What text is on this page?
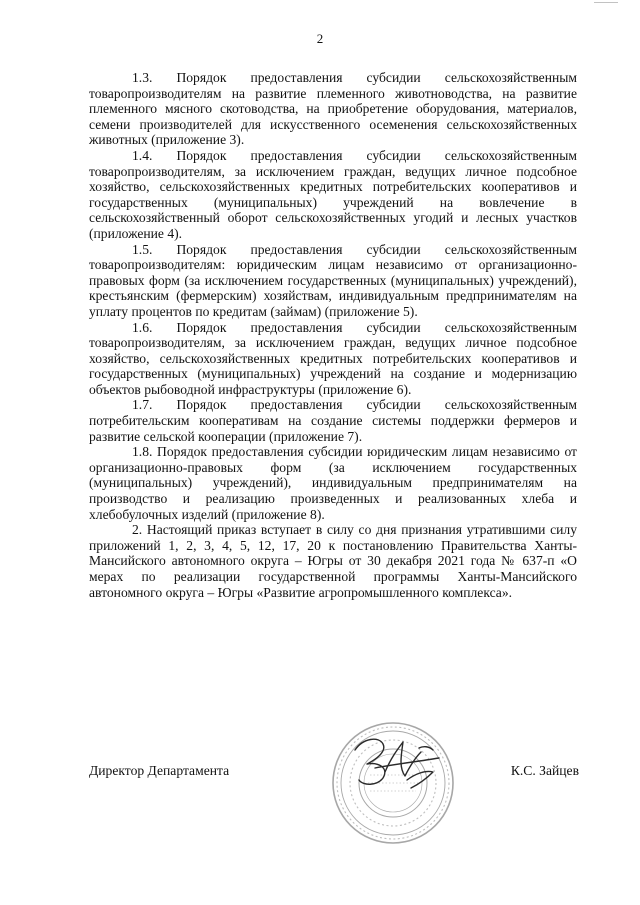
2

1.3. Порядок предоставления субсидии сельскохозяйственным товаропроизводителям на развитие племенного животноводства, на развитие племенного мясного скотоводства, на приобретение оборудования, материалов, семени производителей для искусственного осеменения сельскохозяйственных животных (приложение 3).

1.4. Порядок предоставления субсидии сельскохозяйственным товаропроизводителям, за исключением граждан, ведущих личное подсобное хозяйство, сельскохозяйственных кредитных потребительских кооперативов и государственных (муниципальных) учреждений на вовлечение в сельскохозяйственный оборот сельскохозяйственных угодий и лесных участков (приложение 4).

1.5. Порядок предоставления субсидии сельскохозяйственным товаропроизводителям: юридическим лицам независимо от организационно-правовых форм (за исключением государственных (муниципальных) учреждений), крестьянским (фермерским) хозяйствам, индивидуальным предпринимателям на уплату процентов по кредитам (займам) (приложение 5).

1.6. Порядок предоставления субсидии сельскохозяйственным товаропроизводителям, за исключением граждан, ведущих личное подсобное хозяйство, сельскохозяйственных кредитных потребительских кооперативов и государственных (муниципальных) учреждений на создание и модернизацию объектов рыбоводной инфраструктуры (приложение 6).

1.7. Порядок предоставления субсидии сельскохозяйственным потребительским кооперативам на создание системы поддержки фермеров и развитие сельской кооперации (приложение 7).

1.8. Порядок предоставления субсидии юридическим лицам независимо от организационно-правовых форм (за исключением государственных (муниципальных) учреждений), индивидуальным предпринимателям на производство и реализацию произведенных и реализованных хлеба и хлебобулочных изделий (приложение 8).

2. Настоящий приказ вступает в силу со дня признания утратившими силу приложений 1, 2, 3, 4, 5, 12, 17, 20 к постановлению Правительства Ханты-Мансийского автономного округа – Югры от 30 декабря 2021 года № 637-п «О мерах по реализации государственной программы Ханты-Мансийского автономного округа – Югры «Развитие агропромышленного комплекса».

Директор Департамента	К.С. Зайцев
